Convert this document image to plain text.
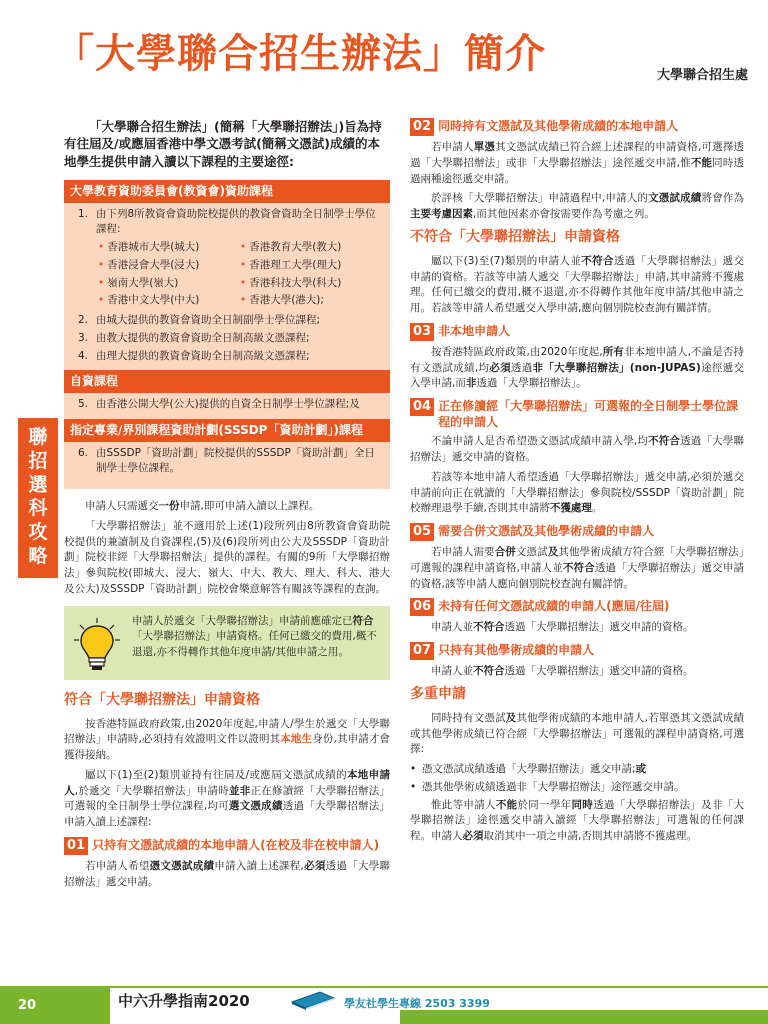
「大學聯合招生辦法」簡介	大學聯合招生處
聯
招
選
科
攻
略
「大學聯合招生辦法」(簡稱「大學聯招辦法」)旨為持有往屆及/或應屆香港中學文憑考試(簡稱文憑試)成績的本地學生提供申請入讀以下課程的主要途徑:
大學教育資助委員會(教資會)資助課程
1. 由下列8所教資會資助院校提供的教資會資助全日制學士學位課程:
• 香港城市大學(城大)	• 香港教育大學(教大)
• 香港浸會大學(浸大)	• 香港理工大學(理大)
• 嶺南大學(嶺大)	• 香港科技大學(科大)
• 香港中文大學(中大)	• 香港大學(港大);
2. 由城大提供的教資會資助全日制副學士學位課程;
3. 由教大提供的教資會資助全日制高級文憑課程;
4. 由理大提供的教資會資助全日制高級文憑課程;
自資課程
5. 由香港公開大學(公大)提供的自資全日制學士學位課程;及
指定專業/界別課程資助計劃(SSSDP「資助計劃」)課程
6. 由SSSDP「資助計劃」院校提供的SSSDP「資助計劃」全日制學士學位課程。
申請人只需遞交一份申請,即可申請入讀以上課程。
「大學聯招辦法」並不適用於上述(1)段所列由8所教資會資助院校提供的兼讀制及自資課程,(5)及(6)段所列由公大及SSSDP「資助計劃」院校非經「大學聯招辦法」提供的課程。有關的9所「大學聯招辦法」參與院校(即城大、浸大、嶺大、中大、教大、理大、科大、港大及公大)及SSSDP「資助計劃」院校會樂意解答有關該等課程的查詢。
申請人於遞交「大學聯招辦法」申請前應確定已符合「大學聯招辦法」申請資格。任何已繳交的費用,概不退還,亦不得轉作其他年度申請/其他申請之用。
符合「大學聯招辦法」申請資格
按香港特區政府政策,由2020年度起,申請人/學生於遞交「大學聯招辦法」申請時,必須持有效證明文件以證明其本地生身份,其申請才會獲得接納。
屬以下(1)至(2)類別並持有往屆及/或應屆文憑試成績的本地申請人,於遞交「大學聯招辦法」申請時並非正在修讀經「大學聯招辦法」可選報的全日制學士學位課程,均可選文憑成績透過「大學聯招辦法」申請入讀上述課程:
01 只持有文憑試成績的本地申請人(在校及非在校申請人)
若申請人希望憑文憑試成績申請入讀上述課程,必須透過「大學聯招辦法」遞交申請。
02 同時持有文憑試及其他學術成績的本地申請人
若申請人單憑其文憑試成績已符合經上述課程的申請資格,可選擇透過「大學聯招辦法」或非「大學聯招辦法」途徑遞交申請,惟不能同時透過兩種途徑遞交申請。
於評核「大學聯招辦法」申請過程中,申請人的文憑試成績將會作為主要考慮因素,而其他因素亦會按需要作為考慮之列。
不符合「大學聯招辦法」申請資格
屬以下(3)至(7)類別的申請人並不符合透過「大學聯招辦法」遞交申請的資格。若該等申請人遞交「大學聯招辦法」申請,其申請將不獲處理。任何已繳交的費用,概不退還,亦不得轉作其他年度申請/其他申請之用。若該等申請人希望遞交入學申請,應向個別院校查詢有關詳情。
03 非本地申請人
按香港特區政府政策,由2020年度起,所有非本地申請人,不論是否持有文憑試成績,均必須透過非「大學聯招辦法」(non-JUPAS)途徑遞交入學申請,而非透過「大學聯招辦法」。
04 正在修讀經「大學聯招辦法」可選報的全日制學士學位課程的申請人
不論申請人是否希望憑文憑試成績申請入學,均不符合透過「大學聯招辦法」遞交申請的資格。
若該等本地申請人希望透過「大學聯招辦法」遞交申請,必須於遞交申請前向正在就讀的「大學聯招辦法」參與院校/SSSDP「資助計劃」院校辦理退學手續,否則其申請將不獲處理。
05 需要合併文憑試及其他學術成績的申請人
若申請人需要合併文憑試及其他學術成績方符合經「大學聯招辦法」可選報的課程申請資格,申請人並不符合透過「大學聯招辦法」遞交申請的資格,該等申請人應向個別院校查詢有關詳情。
06 未持有任何文憑試成績的申請人(應屆/往屆)
申請人並不符合透過「大學聯招辦法」遞交申請的資格。
07 只持有其他學術成績的申請人
申請人並不符合透過「大學聯招辦法」遞交申請的資格。
多重申請
同時持有文憑試及其他學術成績的本地申請人,若單憑其文憑試成績或其他學術成績已符合經「大學聯招辦法」可選報的課程申請資格,可選擇:
• 憑文憑試成績透過「大學聯招辦法」遞交申請;或
• 憑其他學術成績透過非「大學聯招辦法」途徑遞交申請。
惟此等申請人不能於同一學年同時透過「大學聯招辦法」及非「大學聯招辦法」途徑遞交申請入讀經「大學聯招辦法」可選報的任何課程。申請人必須取消其中一項之申請,否則其申請將不獲處理。
20	中六升學指南2020	學友社學生專線 2503 3399
